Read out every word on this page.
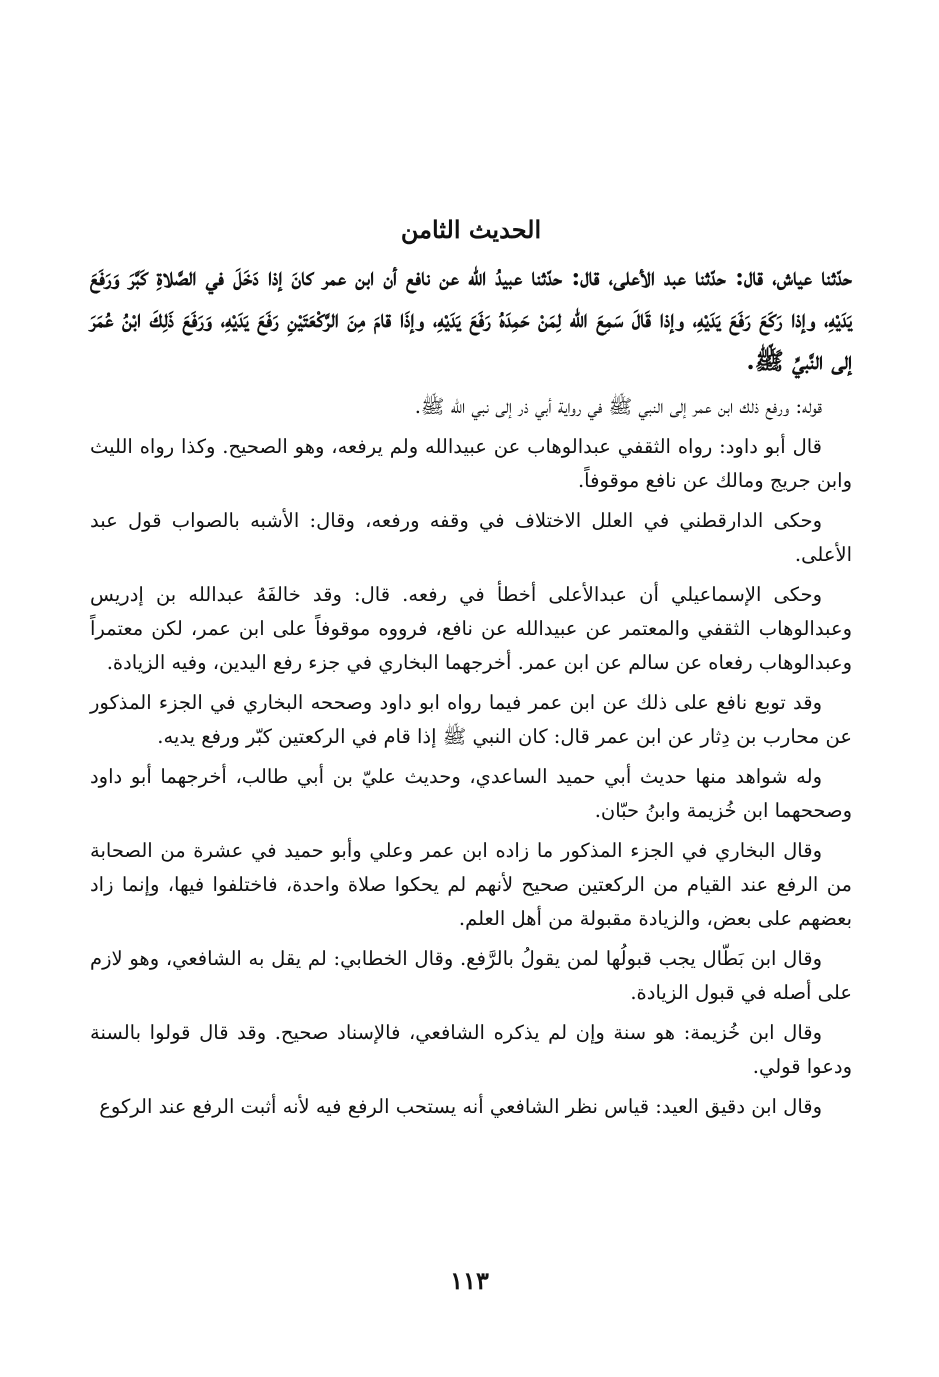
الحديث الثامن
حدّثنا عياش، قال: حدّثنا عبد الأعلى، قال: حدّثنا عبيدُ الله عن نافع أن ابن عمر كانَ إذا دَخَلَ في الصَّلاةِ كَبَّرَ وَرَفَعَ يَدَيْهِ، وإذا رَكَعَ رَفَعَ يَدَيْهِ، وإذا قَالَ سَمِعَ الله لِمَنْ حَمِدَهُ رَفَعَ يَدَيْهِ، وإذَا قامَ مِنَ الرَّكْعَتَيْنِ رَفَعَ يَدَيْهِ، وَرَفَعَ ذَلِكَ ابْنُ عُمَرَ إلى النَّبيِّ ﷺ.
قوله: ورفع ذلك ابن عمر إلى النبي ﷺ في رواية أبي ذر إلى نبي الله ﷺ.
قال أبو داود: رواه الثقفي عبدالوهاب عن عبيدالله ولم يرفعه، وهو الصحيح. وكذا رواه الليث وابن جريج ومالك عن نافع موقوفاً.
وحكى الدارقطني في العلل الاختلاف في وقفه ورفعه، وقال: الأشبه بالصواب قول عبد الأعلى.
وحكى الإسماعيلي أن عبدالأعلى أخطأ في رفعه. قال: وقد خالفَهُ عبدالله بن إدريس وعبدالوهاب الثقفي والمعتمر عن عبيدالله عن نافع، فرووه موقوفاً على ابن عمر، لكن معتمراً وعبدالوهاب رفعاه عن سالم عن ابن عمر. أخرجهما البخاري في جزء رفع اليدين، وفيه الزيادة.
وقد توبع نافع على ذلك عن ابن عمر فيما رواه ابو داود وصححه البخاري في الجزء المذكور عن محارب بن دِثار عن ابن عمر قال: كان النبي ﷺ إذا قام في الركعتين كبّر ورفع يديه.
وله شواهد منها حديث أبي حميد الساعدي، وحديث عليّ بن أبي طالب، أخرجهما أبو داود وصححهما ابن خُزيمة وابنُ حبّان.
وقال البخاري في الجزء المذكور ما زاده ابن عمر وعلي وأبو حميد في عشرة من الصحابة من الرفع عند القيام من الركعتين صحيح لأنهم لم يحكوا صلاة واحدة، فاختلفوا فيها، وإنما زاد بعضهم على بعض، والزيادة مقبولة من أهل العلم.
وقال ابن بَطّال يجب قبولُها لمن يقولُ بالرَّفع. وقال الخطابي: لم يقل به الشافعي، وهو لازم على أصله في قبول الزيادة.
وقال ابن خُزيمة: هو سنة وإن لم يذكره الشافعي، فالإسناد صحيح. وقد قال قولوا بالسنة ودعوا قولي.
وقال ابن دقيق العيد: قياس نظر الشافعي أنه يستحب الرفع فيه لأنه أثبت الرفع عند الركوع
١١٣
